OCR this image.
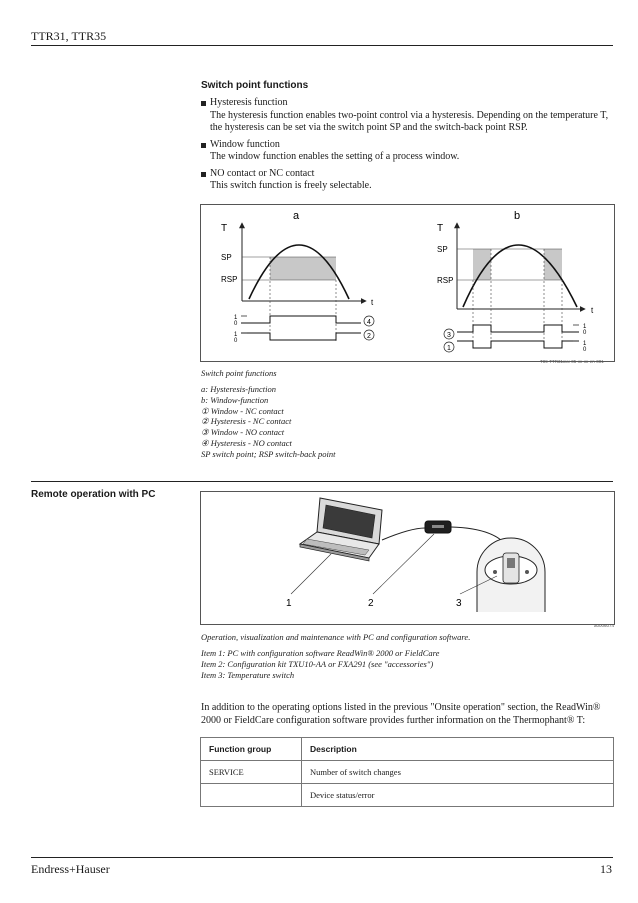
TTR31, TTR35
Switch point functions
Hysteresis function
The hysteresis function enables two-point control via a hysteresis. Depending on the temperature T, the hysteresis can be set via the switch point SP and the switch-back point RSP.
Window function
The window function enables the setting of a process window.
NO contact or NC contact
This switch function is freely selectable.
a
T
t
SP
RSP
1
0
1
0
4
2
b
T
t
SP
RSP
1
0
1
0
3
1
T09-TTR31xxx-05-xx-xx-en-001
Switch point functions
a: Hysteresis-function
b: Window-function
① Window - NC contact
② Hysteresis - NC contact
③ Window - NO contact
④ Hysteresis - NO contact
SP switch point; RSP switch-back point
Remote operation with PC
1	2	3
a0006074
Operation, visualization and maintenance with PC and configuration software.
Item 1: PC with configuration software ReadWin® 2000 or FieldCare
Item 2: Configuration kit TXU10-AA or FXA291 (see "accessories")
Item 3: Temperature switch
In addition to the operating options listed in the previous "Onsite operation" section, the ReadWin® 2000 or FieldCare configuration software provides further information on the Thermophant® T:
Function group	Description
SERVICE	Number of switch changes
	Device status/error
Endress+Hauser	13
